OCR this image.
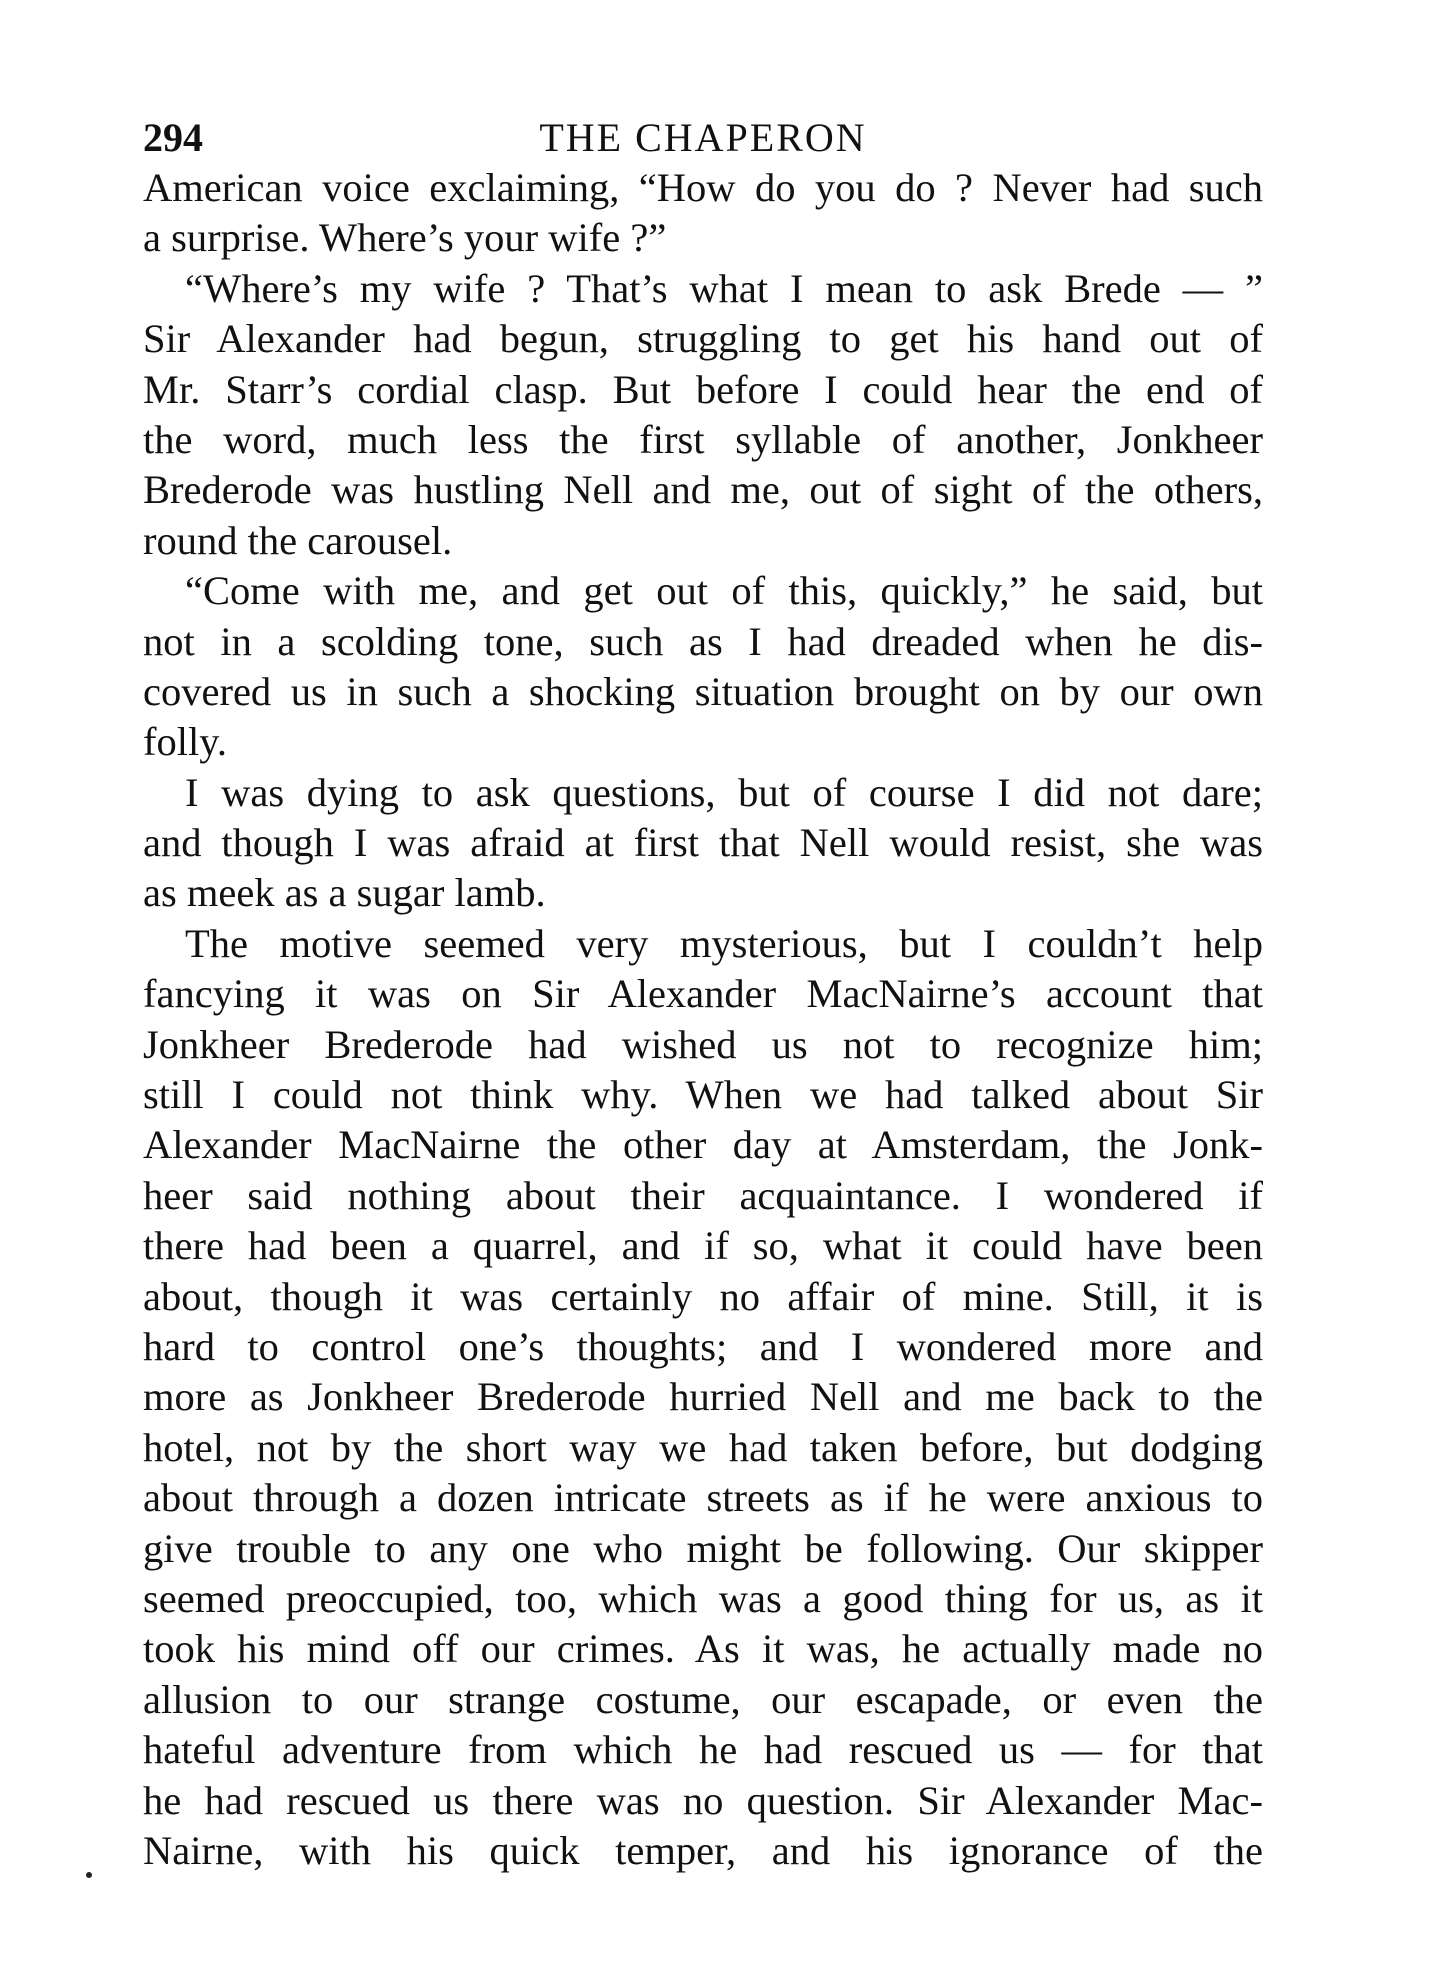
294	THE CHAPERON
American voice exclaiming, “How do you do ? Never had such
a surprise. Where’s your wife ?”
“Where’s my wife ? That’s what I mean to ask Brede — ”
Sir Alexander had begun, struggling to get his hand out of
Mr. Starr’s cordial clasp. But before I could hear the end of
the word, much less the first syllable of another, Jonkheer
Brederode was hustling Nell and me, out of sight of the others,
round the carousel.
“Come with me, and get out of this, quickly,” he said, but
not in a scolding tone, such as I had dreaded when he dis-
covered us in such a shocking situation brought on by our own
folly.
I was dying to ask questions, but of course I did not dare;
and though I was afraid at first that Nell would resist, she was
as meek as a sugar lamb.
The motive seemed very mysterious, but I couldn’t help
fancying it was on Sir Alexander MacNairne’s account that
Jonkheer Brederode had wished us not to recognize him;
still I could not think why. When we had talked about Sir
Alexander MacNairne the other day at Amsterdam, the Jonk-
heer said nothing about their acquaintance. I wondered if
there had been a quarrel, and if so, what it could have been
about, though it was certainly no affair of mine. Still, it is
hard to control one’s thoughts; and I wondered more and
more as Jonkheer Brederode hurried Nell and me back to the
hotel, not by the short way we had taken before, but dodging
about through a dozen intricate streets as if he were anxious to
give trouble to any one who might be following. Our skipper
seemed preoccupied, too, which was a good thing for us, as it
took his mind off our crimes. As it was, he actually made no
allusion to our strange costume, our escapade, or even the
hateful adventure from which he had rescued us — for that
he had rescued us there was no question. Sir Alexander Mac-
Nairne, with his quick temper, and his ignorance of the
